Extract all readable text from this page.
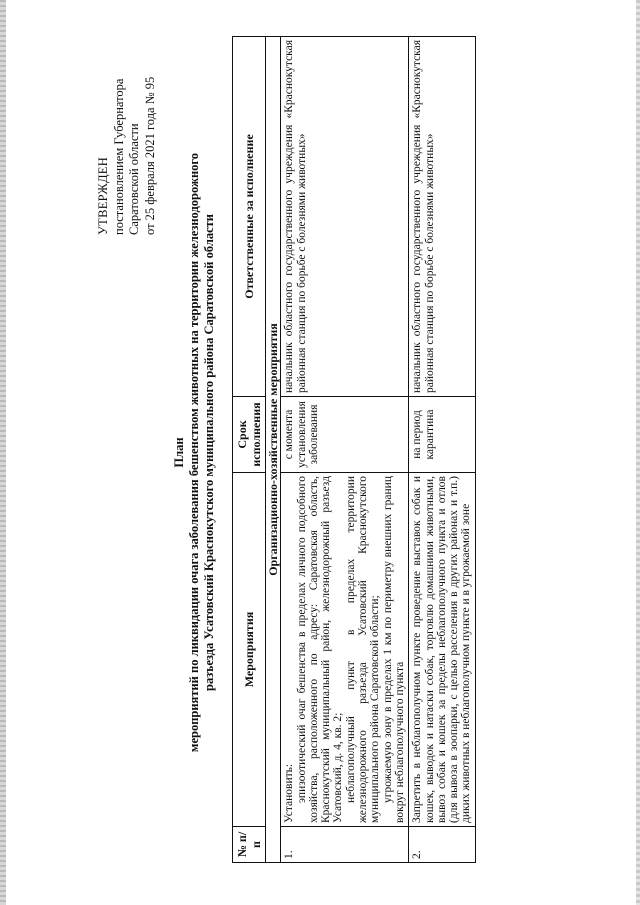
УТВЕРЖДЕН постановлением Губернатора Саратовской области от 25 февраля 2021 года № 95
План мероприятий по ликвидации очага заболевания бешенством животных на территории железнодорожного разъезда Усатовский Краснокутского муниципального района Саратовской области
№ п/п	Мероприятия	Срок исполнения	Ответственные за исполнение
Организационно-хозяйственные мероприятия			
1.	Установить: эпизоотический очаг бешенства в пределах личного подсобного хозяйства, расположенного по адресу: Саратовская область, Краснокутский муниципальный район, железнодорожный разъезд Усатовский, д. 4, кв. 2; неблагополучный пункт в пределах территории железнодорожного разъезда Усатовский Краснокутского муниципального района Саратовской области; угрожаемую зону в пределах 1 км по периметру внешних границ вокруг неблагополучного пункта	с момента установления заболевания	начальник областного государственного учреждения «Краснокутская районная станция по борьбе с болезнями животных»
2.	Запретить в неблагополучном пункте проведение выставок собак и кошек, выводок и натаски собак, торговлю домашними животными, вывоз собак и кошек за пределы неблагополучного пункта и отлов (для вывоза в зоопарки, с целью расселения в других районах и т.п.) диких животных в неблагополучном пункте и в угрожаемой зоне	на период карантина	начальник областного государственного учреждения «Краснокутская районная станция по борьбе с болезнями животных»
